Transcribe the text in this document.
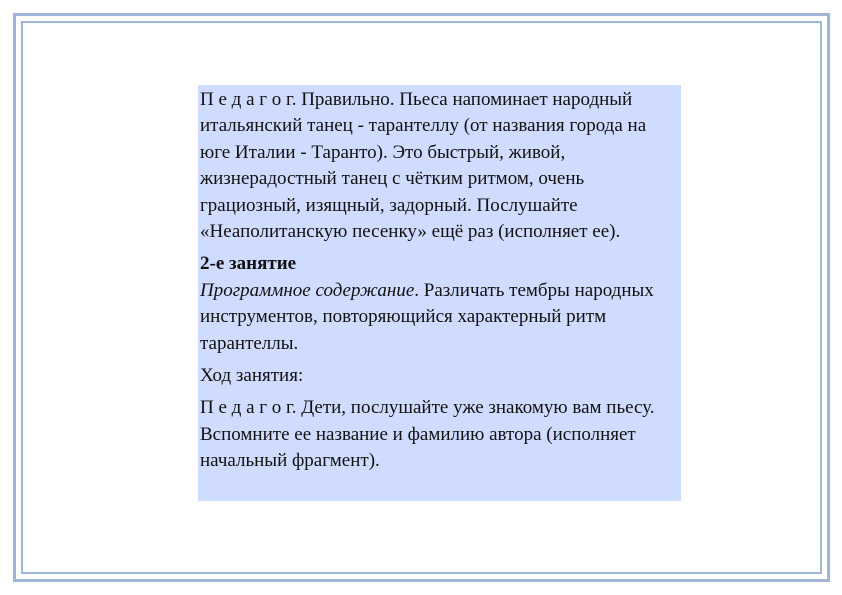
П е д а г о г. Правильно. Пьеса напоминает народный итальянский танец - тарантеллу (от названия города на юге Италии - Таранто). Это быстрый, живой, жизнерадостный танец с чётким ритмом, очень грациозный, изящный, задорный. Послушайте «Неаполитанскую песенку» ещё раз (исполняет ее).

2-е занятие

Программное содержание. Различать тембры народных инструментов, повторяющийся характерный ритм тарантеллы.

Ход занятия:

П е д а г о г. Дети, послушайте уже знакомую вам пьесу. Вспомните ее название и фамилию автора (исполняет начальный фрагмент).
